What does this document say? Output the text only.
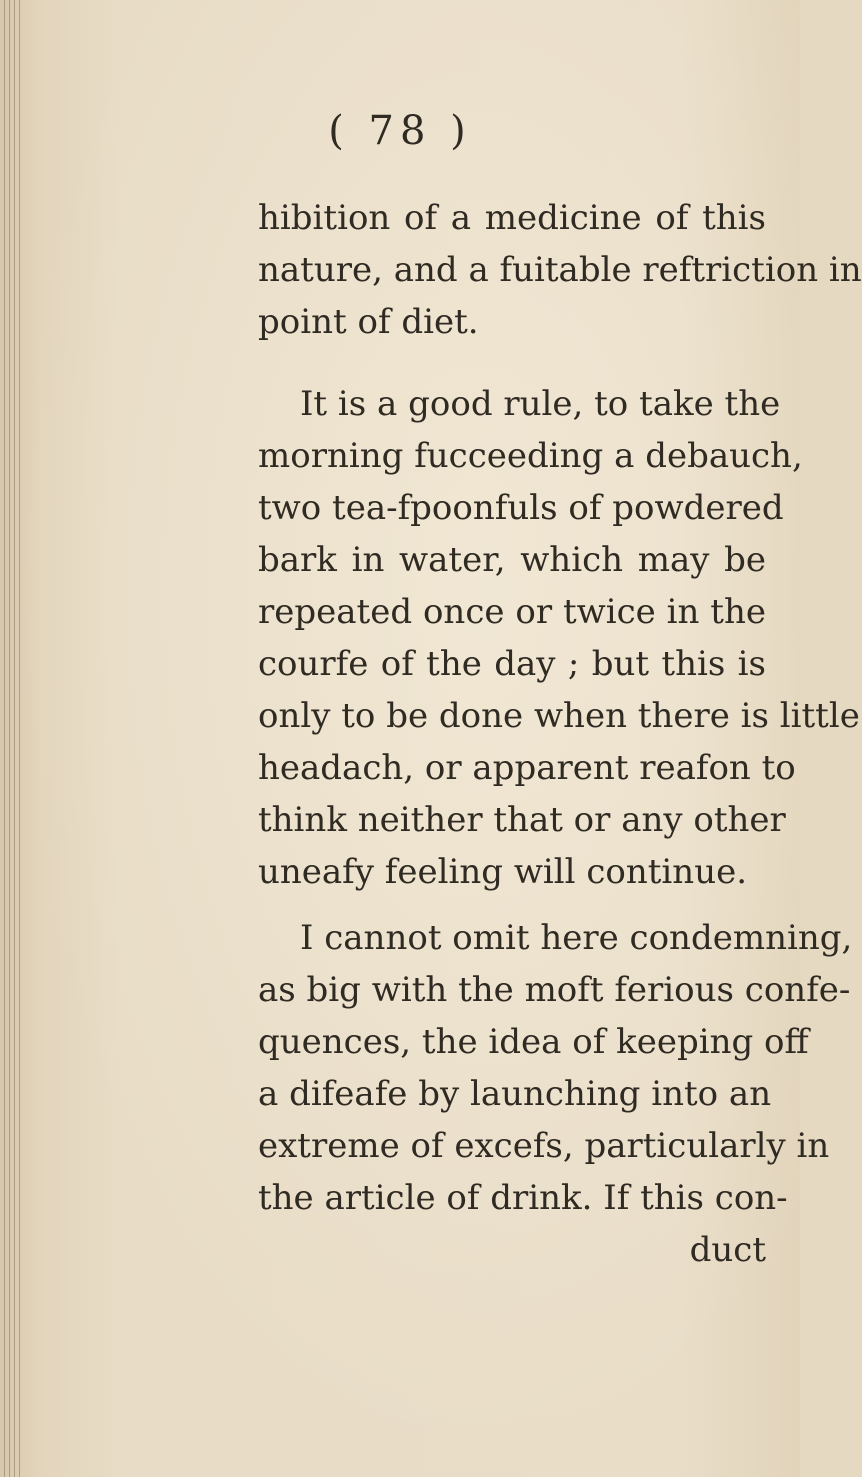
( 78 )
hibition of a medicine of this
nature, and a fuitable reftriction in
point of diet.
It is a good rule, to take the
morning fucceeding a debauch,
two tea-fpoonfuls of powdered
bark in water, which may be
repeated once or twice in the
courfe of the day ; but this is
only to be done when there is little
headach, or apparent reafon to
think neither that or any other
uneafy feeling will continue.
I cannot omit here condemning,
as big with the moft ferious confe-
quences, the idea of keeping off
a difeafe by launching into an
extreme of excefs, particularly in
the article of drink. If this con-
duct
